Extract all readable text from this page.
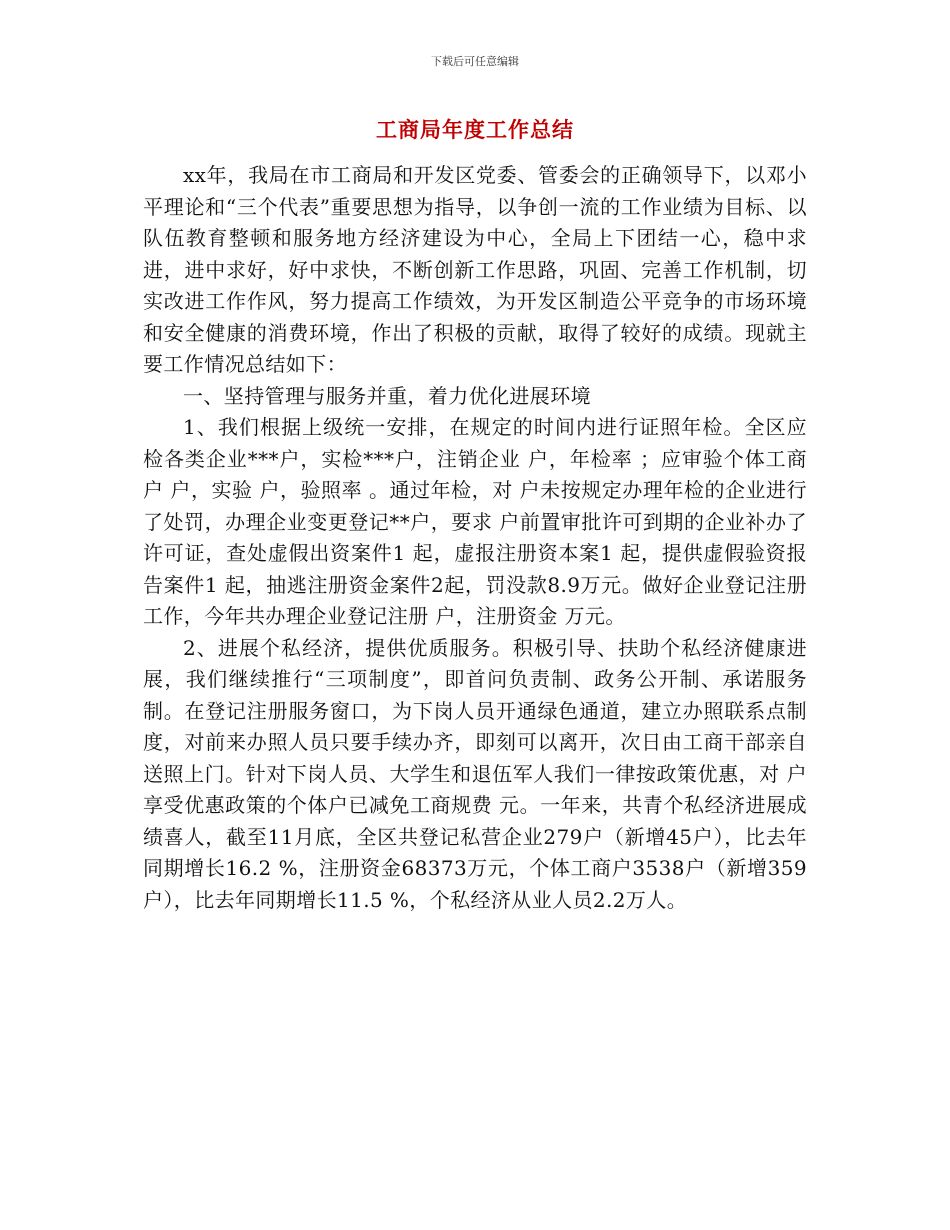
下载后可任意编辑
工商局年度工作总结

xx年，我局在市工商局和开发区党委、管委会的正确领导下，以邓小平理论和“三个代表”重要思想为指导，以争创一流的工作业绩为目标、以队伍教育整顿和服务地方经济建设为中心，全局上下团结一心，稳中求进，进中求好，好中求快，不断创新工作思路，巩固、完善工作机制，切实改进工作作风，努力提高工作绩效，为开发区制造公平竞争的市场环境和安全健康的消费环境，作出了积极的贡献，取得了较好的成绩。现就主要工作情况总结如下：

一、坚持管理与服务并重，着力优化进展环境

1、我们根据上级统一安排，在规定的时间内进行证照年检。全区应检各类企业***户，实检***户，注销企业 户，年检率 ；应审验个体工商户 户，实验 户，验照率 。通过年检，对 户未按规定办理年检的企业进行了处罚，办理企业变更登记**户，要求 户前置审批许可到期的企业补办了许可证，查处虚假出资案件1 起，虚报注册资本案1 起，提供虚假验资报告案件1 起，抽逃注册资金案件2起，罚没款8.9万元。做好企业登记注册工作，今年共办理企业登记注册 户，注册资金 万元。

2、进展个私经济，提供优质服务。积极引导、扶助个私经济健康进展，我们继续推行“三项制度”，即首问负责制、政务公开制、承诺服务制。在登记注册服务窗口，为下岗人员开通绿色通道，建立办照联系点制度，对前来办照人员只要手续办齐，即刻可以离开，次日由工商干部亲自送照上门。针对下岗人员、大学生和退伍军人我们一律按政策优惠，对 户享受优惠政策的个体户已减免工商规费 元。一年来，共青个私经济进展成绩喜人，截至11月底，全区共登记私营企业279户（新增45户），比去年同期增长16.2 %，注册资金68373万元，个体工商户3538户（新增359户），比去年同期增长11.5 %，个私经济从业人员2.2万人。
